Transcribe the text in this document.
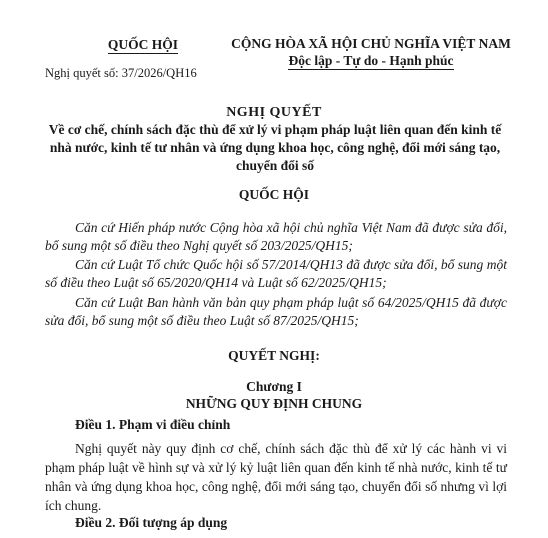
QUỐC HỘI
Nghị quyết số: 37/2026/QH16
CỘNG HÒA XÃ HỘI CHỦ NGHĨA VIỆT NAM
Độc lập - Tự do - Hạnh phúc
NGHỊ QUYẾT
Về cơ chế, chính sách đặc thù để xử lý vi phạm pháp luật liên quan đến kinh tế nhà nước, kinh tế tư nhân và ứng dụng khoa học, công nghệ, đổi mới sáng tạo, chuyển đổi số
QUỐC HỘI

Căn cứ Hiến pháp nước Cộng hòa xã hội chủ nghĩa Việt Nam đã được sửa đổi, bổ sung một số điều theo Nghị quyết số 203/2025/QH15;

Căn cứ Luật Tổ chức Quốc hội số 57/2014/QH13 đã được sửa đổi, bổ sung một số điều theo Luật số 65/2020/QH14 và Luật số 62/2025/QH15;

Căn cứ Luật Ban hành văn bản quy phạm pháp luật số 64/2025/QH15 đã được sửa đổi, bổ sung một số điều theo Luật số 87/2025/QH15;

QUYẾT NGHỊ:
Chương I
NHỮNG QUY ĐỊNH CHUNG

Điều 1. Phạm vi điều chỉnh

Nghị quyết này quy định cơ chế, chính sách đặc thù để xử lý các hành vi vi phạm pháp luật về hình sự và xử lý kỷ luật liên quan đến kinh tế nhà nước, kinh tế tư nhân và ứng dụng khoa học, công nghệ, đổi mới sáng tạo, chuyển đổi số nhưng vì lợi ích chung.

Điều 2. Đối tượng áp dụng
